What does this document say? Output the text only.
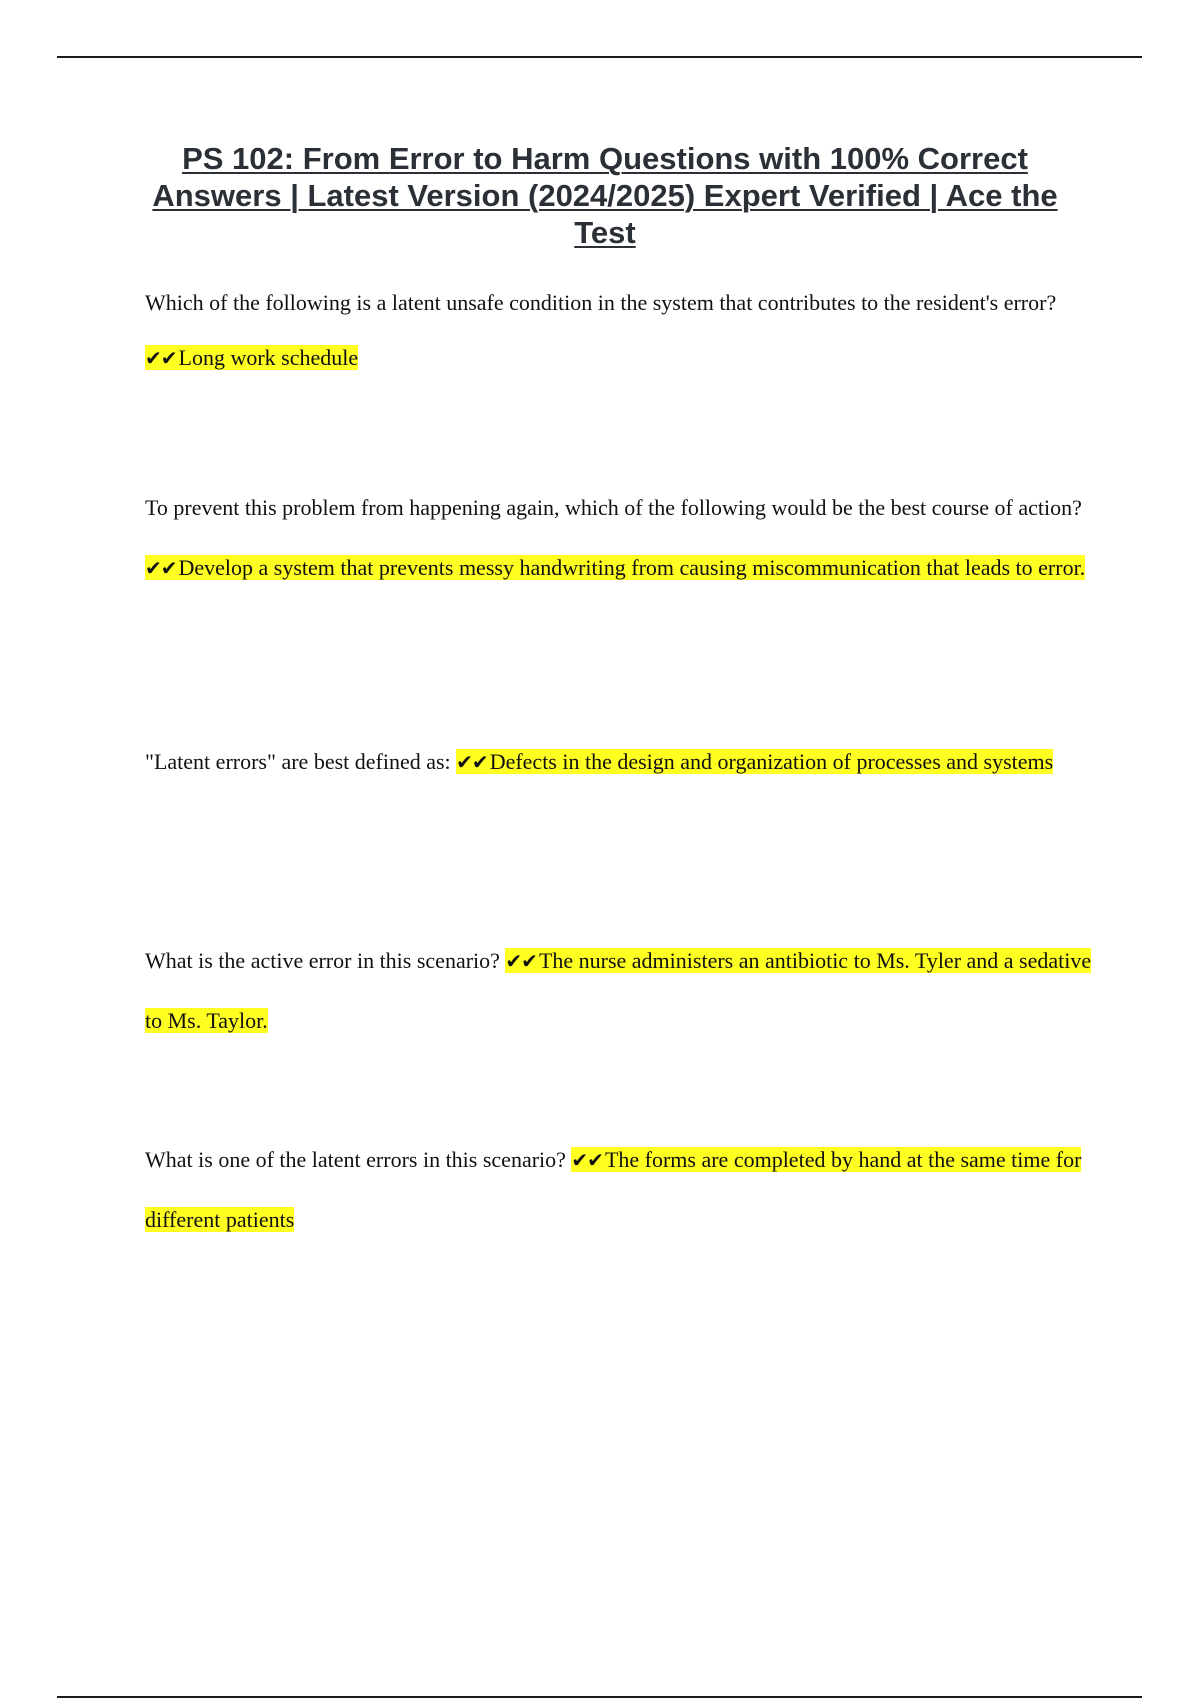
PS 102: From Error to Harm Questions with 100% Correct Answers | Latest Version (2024/2025) Expert Verified | Ace the Test

Which of the following is a latent unsafe condition in the system that contributes to the resident's error? ✔✔Long work schedule

To prevent this problem from happening again, which of the following would be the best course of action? ✔✔Develop a system that prevents messy handwriting from causing miscommunication that leads to error.

"Latent errors" are best defined as: ✔✔Defects in the design and organization of processes and systems

What is the active error in this scenario? ✔✔The nurse administers an antibiotic to Ms. Tyler and a sedative to Ms. Taylor.

What is one of the latent errors in this scenario? ✔✔The forms are completed by hand at the same time for different patients
